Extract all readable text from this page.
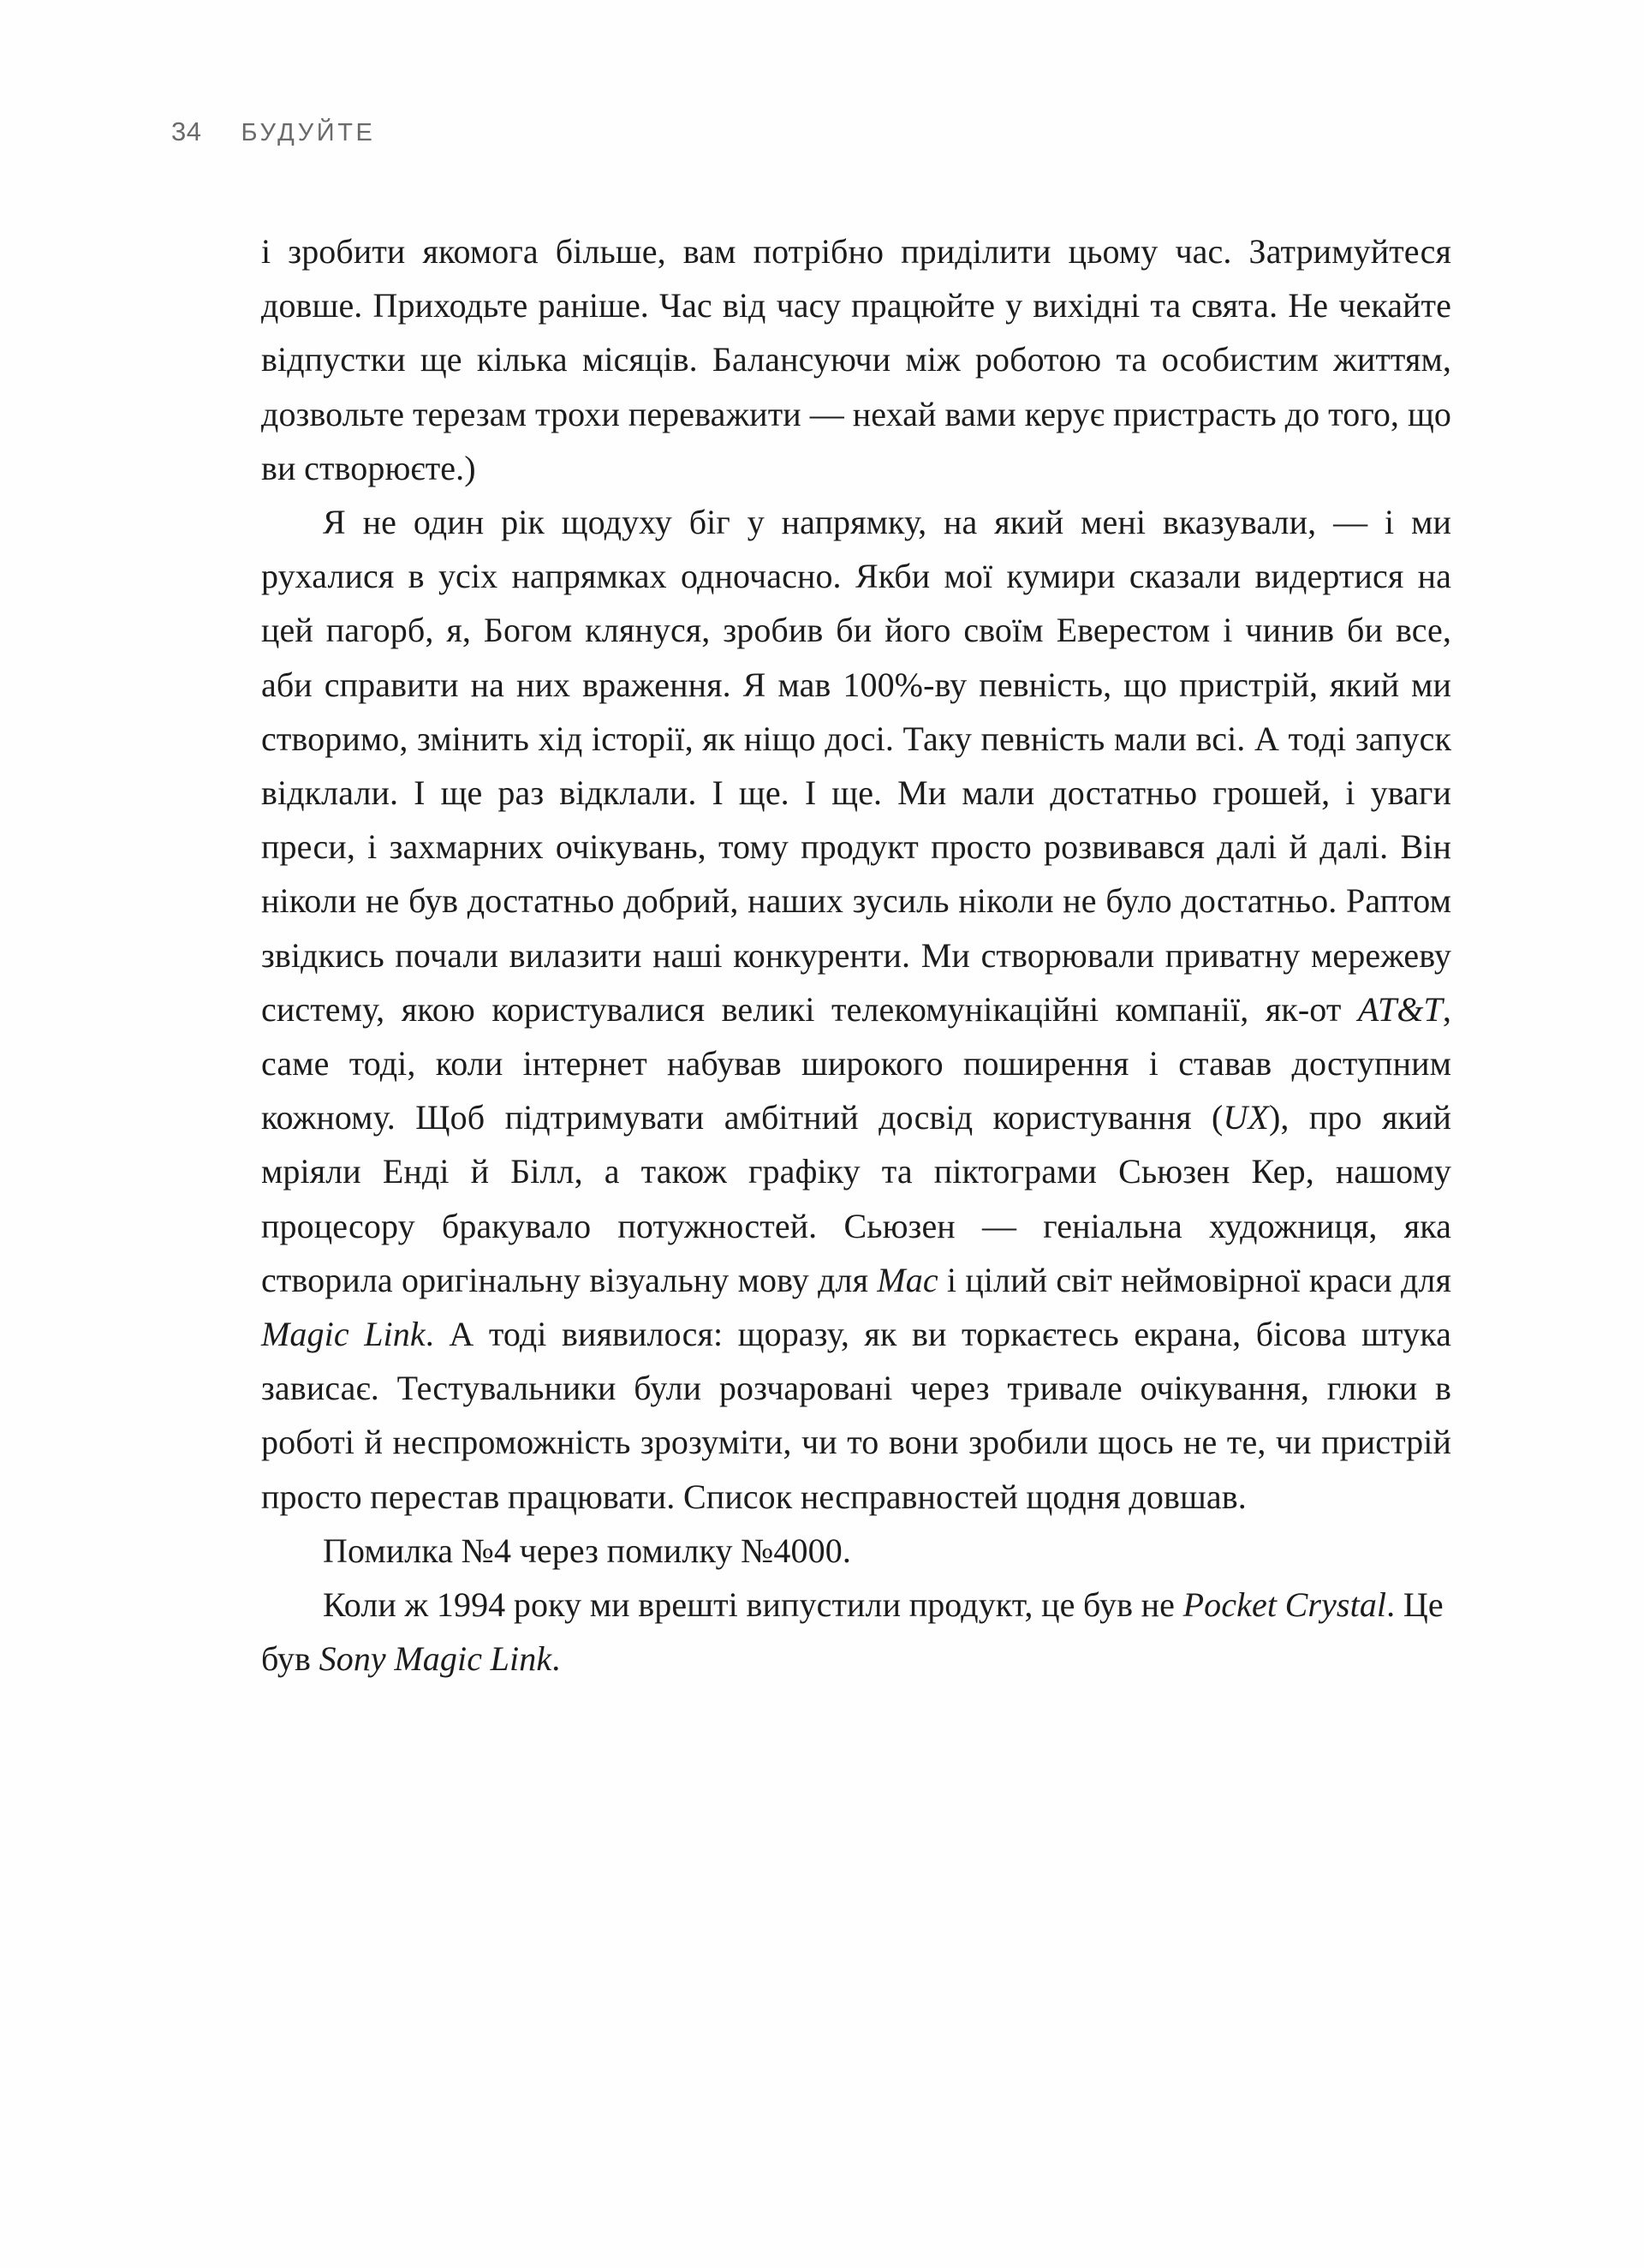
34 БУДУЙТЕ

і зробити якомога більше, вам потрібно приділити цьому час. Затримуйтеся довше. Приходьте раніше. Час від часу працюйте у вихідні та свята. Не чекайте відпустки ще кілька місяців. Балансуючи між роботою та особистим життям, дозвольте терезам трохи переважити — нехай вами керує пристрасть до того, що ви створюєте.)

Я не один рік щодуху біг у напрямку, на який мені вказували, — і ми рухалися в усіх напрямках одночасно. Якби мої кумири сказали видертися на цей пагорб, я, Богом клянуся, зробив би його своїм Еверестом і чинив би все, аби справити на них враження. Я мав 100%-ву певність, що пристрій, який ми створимо, змінить хід історії, як ніщо досі. Таку певність мали всі. А тоді запуск відклали. І ще раз відклали. І ще. І ще. Ми мали достатньо грошей, і уваги преси, і захмарних очікувань, тому продукт просто розвивався далі й далі. Він ніколи не був достатньо добрий, наших зусиль ніколи не було достатньо. Раптом звідкись почали вилазити наші конкуренти. Ми створювали приватну мережеву систему, якою користувалися великі телекомунікаційні компанії, як-от AT&T, саме тоді, коли інтернет набував широкого поширення і ставав доступним кожному. Щоб підтримувати амбітний досвід користування (UX), про який мріяли Енді й Білл, а також графіку та піктограми Сьюзен Кер, нашому процесору бракувало потужностей. Сьюзен — геніальна художниця, яка створила оригінальну візуальну мову для Mac і цілий світ неймовірної краси для Magic Link. А тоді виявилося: щоразу, як ви торкаєтесь екрана, бісова штука зависає. Тестувальники були розчаровані через тривале очікування, глюки в роботі й неспроможність зрозуміти, чи то вони зробили щось не те, чи пристрій просто перестав працювати. Список несправностей щодня довшав.

Помилка №4 через помилку №4000.

Коли ж 1994 року ми врешті випустили продукт, це був не Pocket Crystal. Це був Sony Magic Link.
